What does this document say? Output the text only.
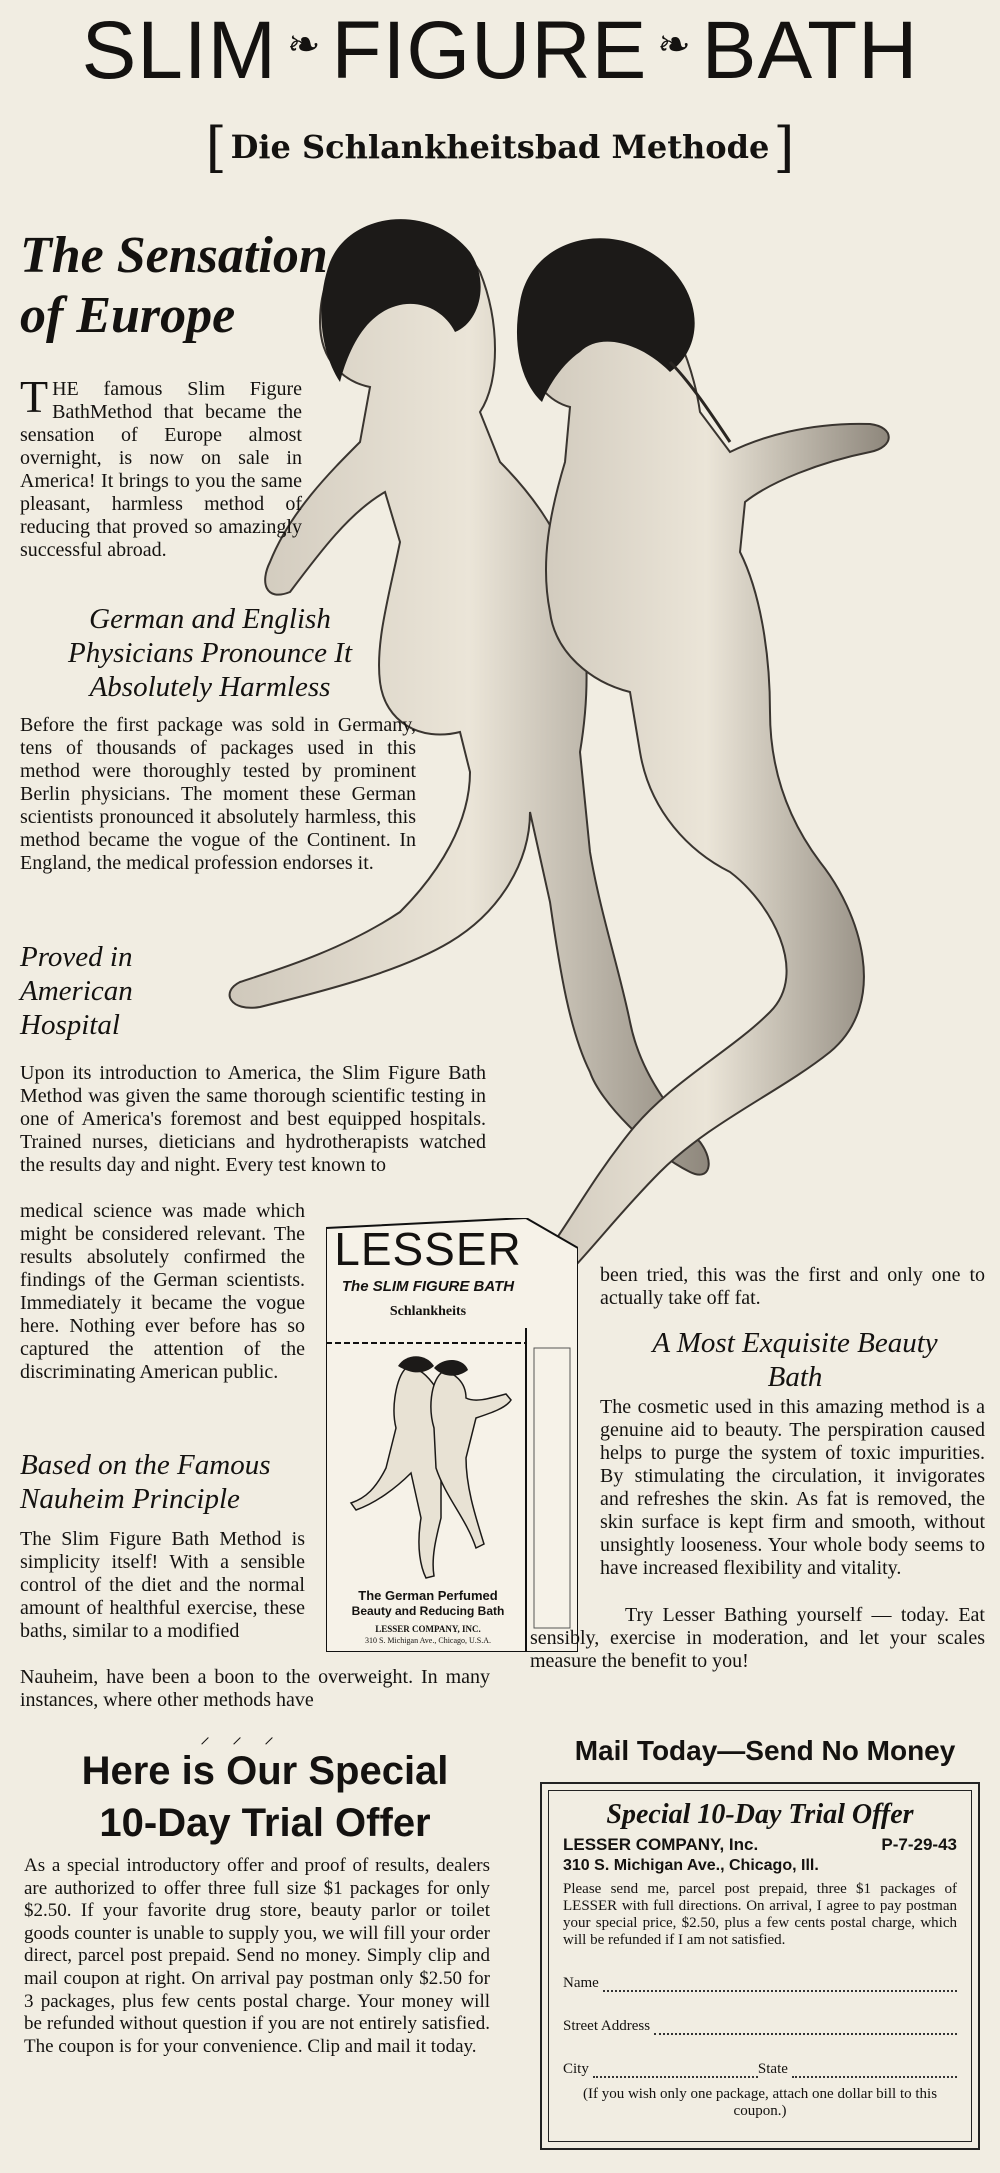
SLIM ❧ FIGURE ❧ BATH
[ Die Schlankheitsbad Methode]
The Sensation of Europe

THE famous Slim Figure BathMethod that became the sensation of Europe almost overnight, is now on sale in America! It brings to you the same pleasant, harmless method of reducing that proved so amazingly successful abroad.

German and English Physicians Pronounce It Absolutely Harmless

Before the first package was sold in Germany, tens of thousands of packages used in this method were thoroughly tested by prominent Berlin physicians. The moment these German scientists pronounced it absolutely harmless, this method became the vogue of the Continent. In England, the medical profession endorses it.

Proved in American Hospital

Upon its introduction to America, the Slim Figure Bath Method was given the same thorough scientific testing in one of America's foremost and best equipped hospitals. Trained nurses, dieticians and hydrotherapists watched the results day and night. Every test known to

medical science was made which might be considered relevant. The results absolutely confirmed the findings of the German scientists. Immediately it became the vogue here. Nothing ever before has so captured the attention of the discriminating American public.

Based on the Famous Nauheim Principle

The Slim Figure Bath Method is simplicity itself! With a sensible control of the diet and the normal amount of healthful exercise, these baths, similar to a modified

Nauheim, have been a boon to the overweight. In many instances, where other methods have

⸝⸝⸝
LESSER
The SLIM FIGURE BATH
Schlankheits
The German Perfumed
Beauty and Reducing Bath
LESSER COMPANY, INC.
310 S. Michigan Ave., Chicago, U.S.A.

been tried, this was the first and only one to actually take off fat.

A Most Exquisite Beauty Bath

The cosmetic used in this amazing method is a genuine aid to beauty. The perspiration caused helps to purge the system of toxic impurities. By stimulating the circulation, it invigorates and refreshes the skin. As fat is removed, the skin surface is kept firm and smooth, without unsightly looseness. Your whole body seems to have increased flexibility and vitality.

Try Lesser Bathing yourself — today. Eat sensibly, exercise in moderation, and let your scales measure the benefit to you!

Here is Our Special
10-Day Trial Offer

As a special introductory offer and proof of results, dealers are authorized to offer three full size $1 packages for only $2.50. If your favorite drug store, beauty parlor or toilet goods counter is unable to supply you, we will fill your order direct, parcel post prepaid. Send no money. Simply clip and mail coupon at right. On arrival pay postman only $2.50 for 3 packages, plus few cents postal charge. Your money will be refunded without question if you are not entirely satisfied. The coupon is for your convenience. Clip and mail it today.

Mail Today—Send No Money
Special 10-Day Trial Offer
LESSER COMPANY, Inc.	P-7-29-43
310 S. Michigan Ave., Chicago, Ill.

Please send me, parcel post prepaid, three $1 packages of LESSER with full directions. On arrival, I agree to pay postman your special price, $2.50, plus a few cents postal charge, which will be refunded if I am not satisfied.

Name
Street Address
City	State
(If you wish only one package, attach one dollar bill to this coupon.)
